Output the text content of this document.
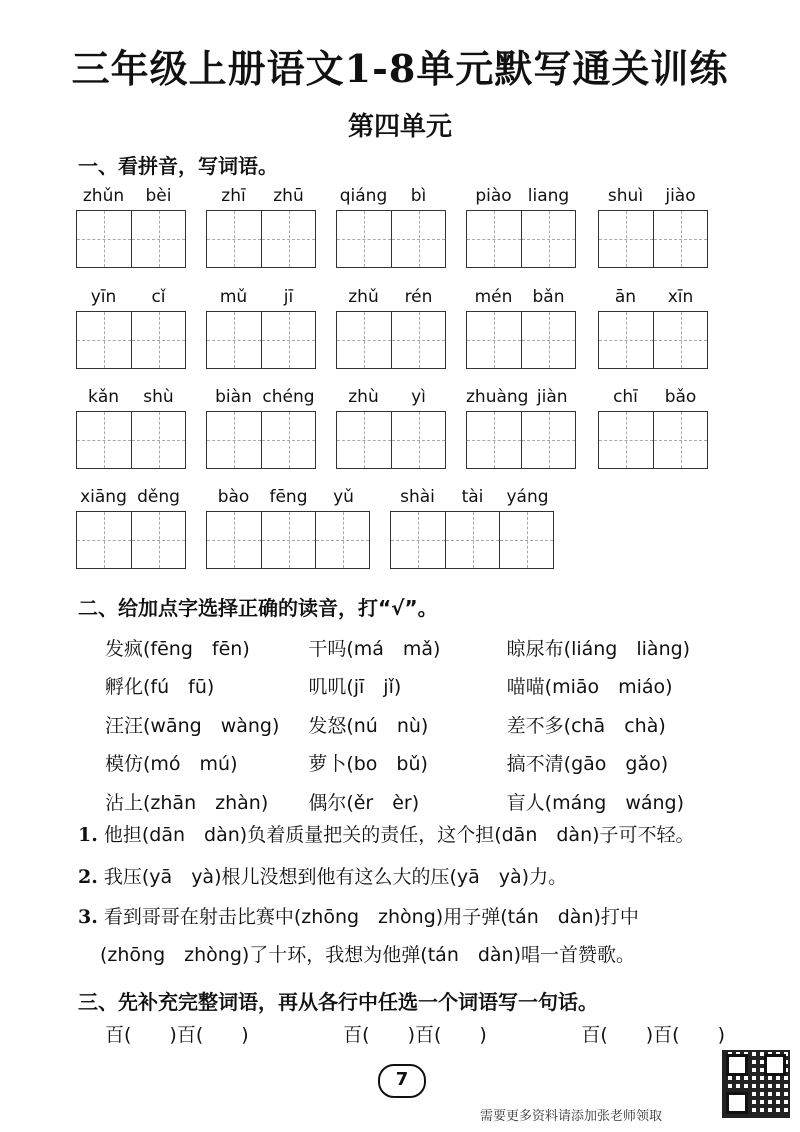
三年级上册语文1-8单元默写通关训练
第四单元
一、看拼音，写词语。
zhǔn	bèi	zhī	zhū	qiáng	bì	piào liang	shuì	jiào
yīn	cǐ	mǔ	jī	zhǔ	rén	mén	bǎn	ān	xīn
kǎn	shù	biàn chéng	zhù	yì	zhuàng jiàn	chī	bǎo
xiāng děng	bào	fēng	yǔ	shài	tài	yáng
二、给加点字选择正确的读音，打“√”。
发疯(fēng　fēn)	干吗(má　mǎ)	晾尿布(liáng　liàng)
孵化(fú　fū)	叽叽(jī　jǐ)	喵喵(miāo　miáo)
汪汪(wāng　wàng)	发怒(nú　nù)	差不多(chā　chà)
模仿(mó　mú)	萝卜(bo　bǔ)	搞不清(gāo　gǎo)
沾上(zhān　zhàn)	偶尔(ěr　èr)	盲人(máng　wáng)
1. 他担(dān　dàn)负着质量把关的责任，这个担(dān　dàn)子可不轻。
2. 我压(yā　yà)根儿没想到他有这么大的压(yā　yà)力。
3. 看到哥哥在射击比赛中(zhōng　zhòng)用子弹(tán　dàn)打中
(zhōng　zhòng)了十环，我想为他弹(tán　dàn)唱一首赞歌。
三、先补充完整词语，再从各行中任选一个词语写一句话。
百(　　)百(　　)	百(　　)百(　　)	百(　　)百(　　)
7
需要更多资料请添加张老师领取
